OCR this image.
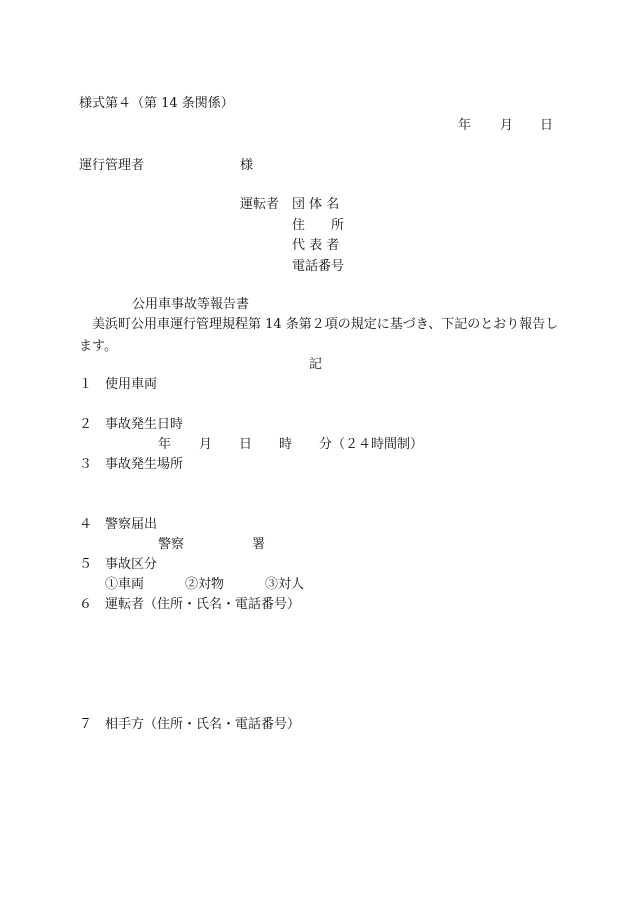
様式第４（第 14 条関係）
年 月 日
運行管理者	様
運転者 団 体 名
住　　所
代 表 者
電話番号
公用車事故等報告書
美浜町公用車運行管理規程第 14 条第２項の規定に基づき、下記のとおり報告します。
記
１ 使用車両
２ 事故発生日時
年 月 日 時 分（２４時間制）
３ 事故発生場所
４ 警察届出
警察	署
５ 事故区分
①車両	②対物	③対人
６ 運転者（住所・氏名・電話番号）
７ 相手方（住所・氏名・電話番号）
